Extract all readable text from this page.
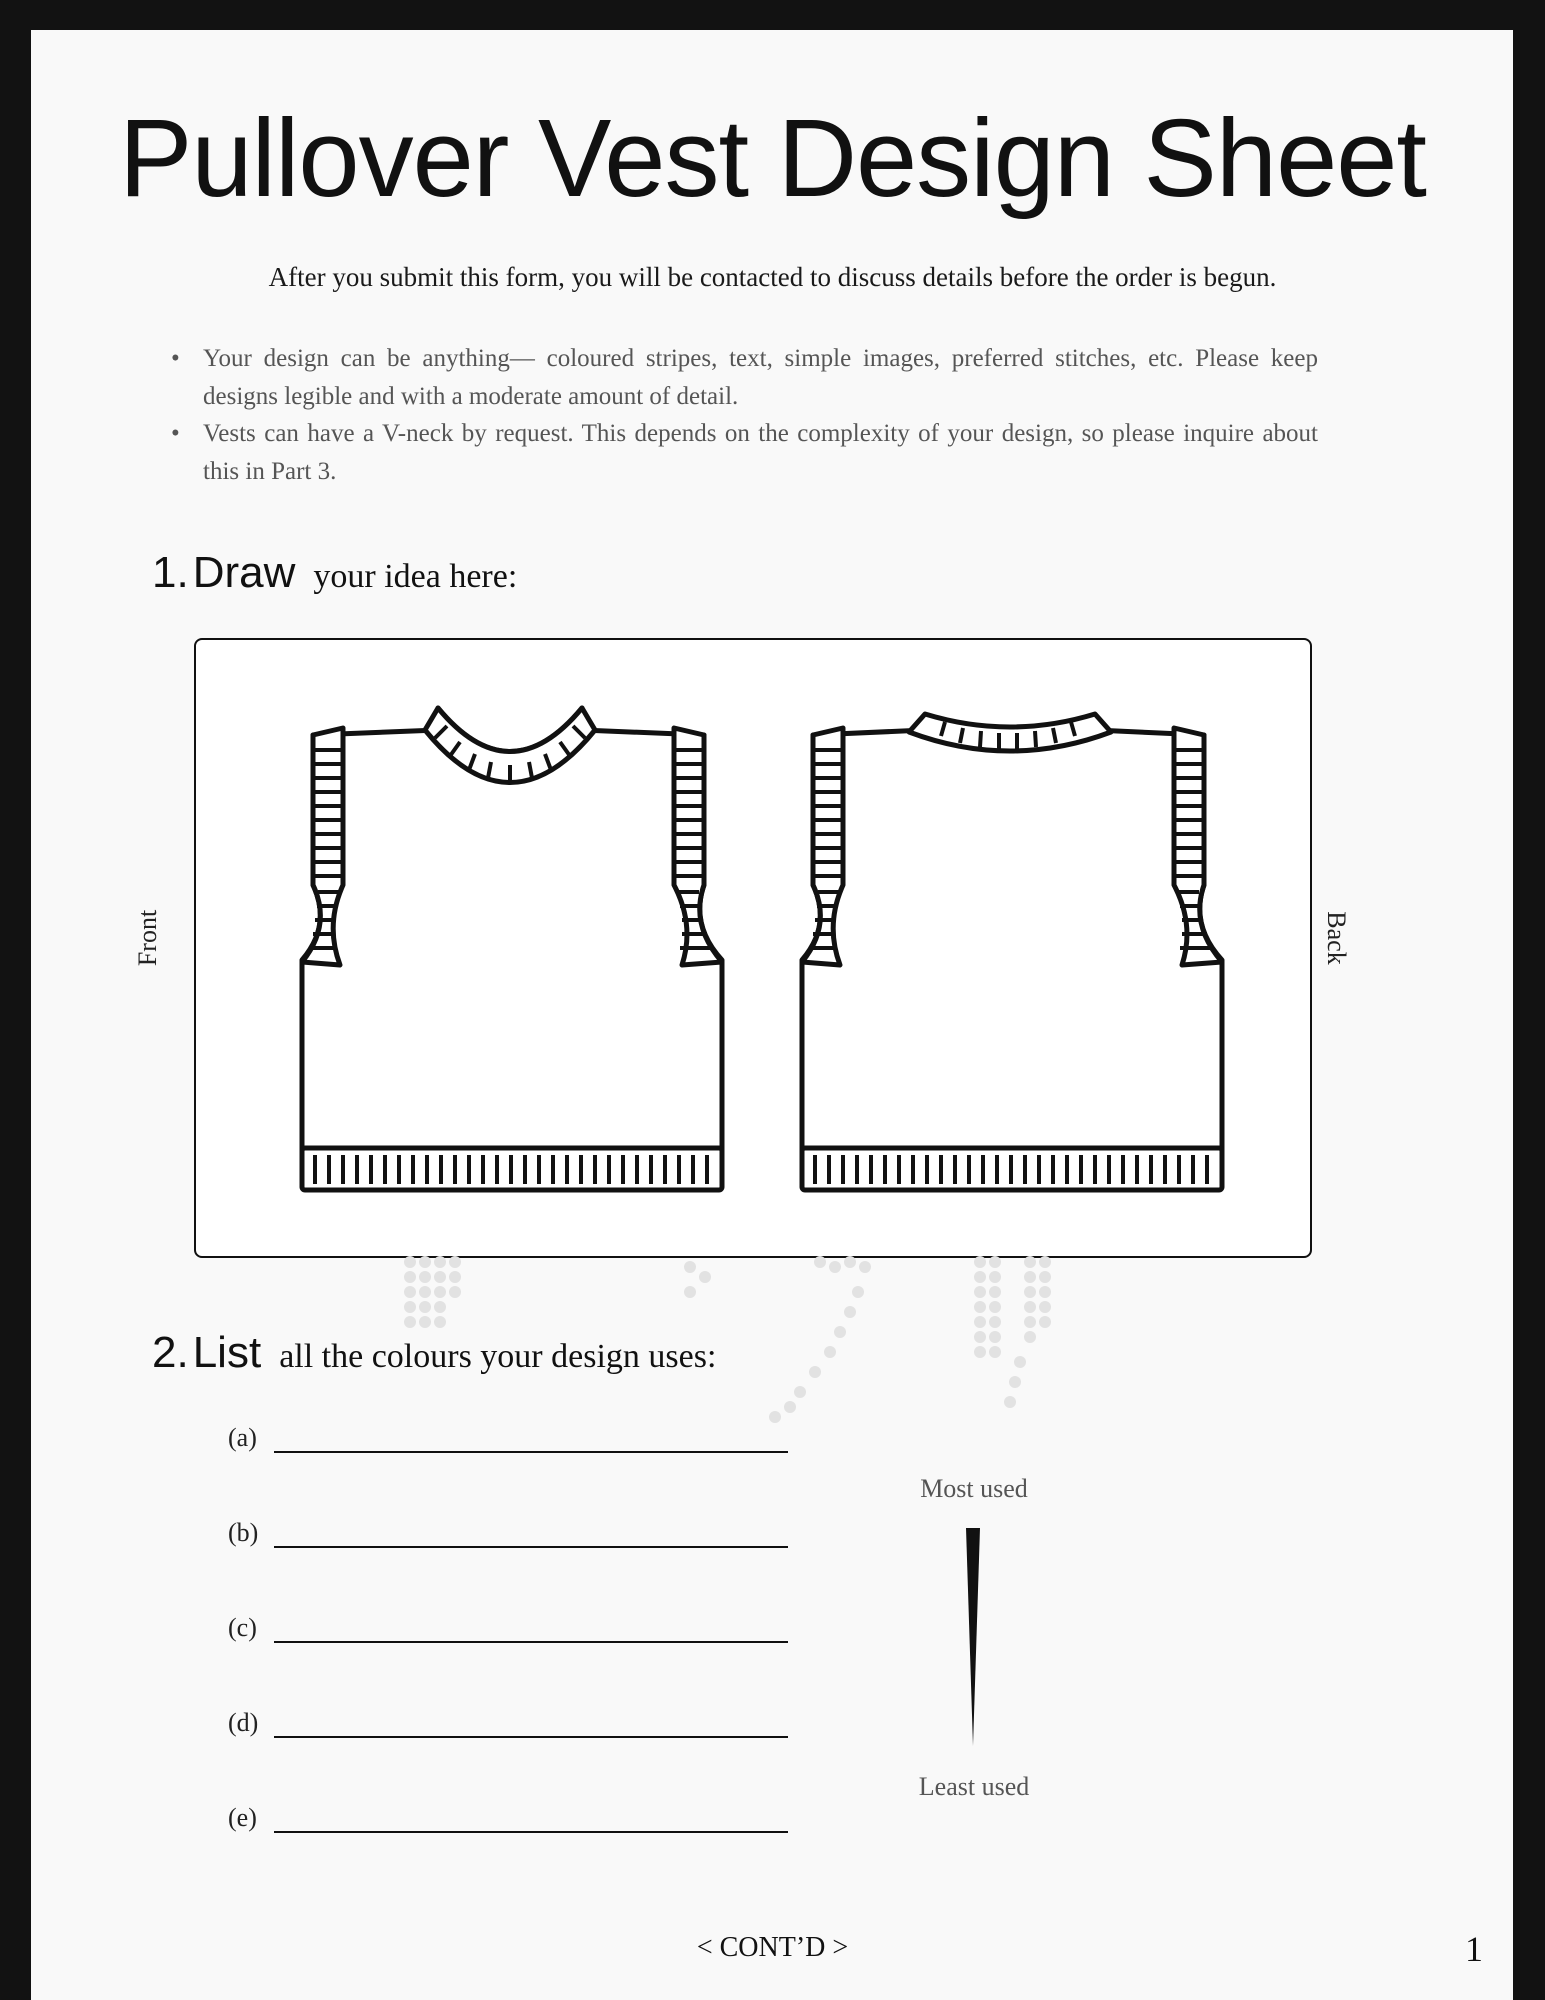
Pullover Vest Design Sheet
After you submit this form, you will be contacted to discuss details before the order is begun.
• Your design can be anything— coloured stripes, text, simple images, preferred stitches, etc. Please keep designs legible and with a moderate amount of detail.
• Vests can have a V-neck by request. This depends on the complexity of your design, so please inquire about this in Part 3.
1. Draw your idea here:
Front	Back
2. List all the colours your design uses:
(a)
(b)
(c)
(d)
(e)
Most used
Least used
< CONT’D >	1
